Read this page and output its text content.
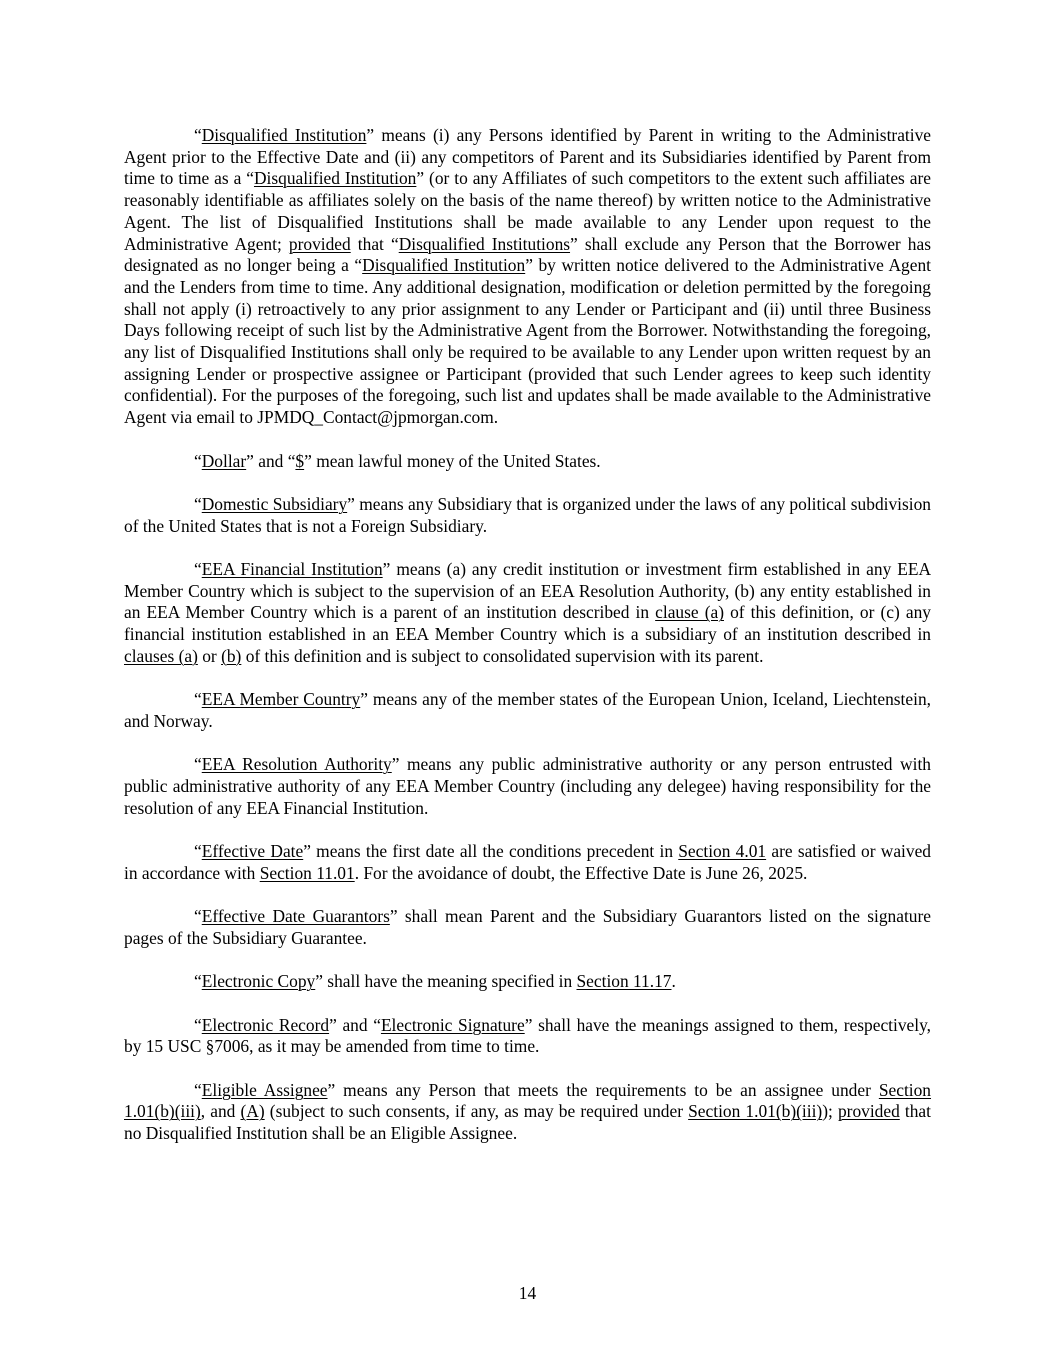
“Disqualified Institution” means (i) any Persons identified by Parent in writing to the Administrative Agent prior to the Effective Date and (ii) any competitors of Parent and its Subsidiaries identified by Parent from time to time as a “Disqualified Institution” (or to any Affiliates of such competitors to the extent such affiliates are reasonably identifiable as affiliates solely on the basis of the name thereof) by written notice to the Administrative Agent. The list of Disqualified Institutions shall be made available to any Lender upon request to the Administrative Agent; provided that “Disqualified Institutions” shall exclude any Person that the Borrower has designated as no longer being a “Disqualified Institution” by written notice delivered to the Administrative Agent and the Lenders from time to time. Any additional designation, modification or deletion permitted by the foregoing shall not apply (i) retroactively to any prior assignment to any Lender or Participant and (ii) until three Business Days following receipt of such list by the Administrative Agent from the Borrower. Notwithstanding the foregoing, any list of Disqualified Institutions shall only be required to be available to any Lender upon written request by an assigning Lender or prospective assignee or Participant (provided that such Lender agrees to keep such identity confidential). For the purposes of the foregoing, such list and updates shall be made available to the Administrative Agent via email to JPMDQ_Contact@jpmorgan.com.

“Dollar” and “$” mean lawful money of the United States.

“Domestic Subsidiary” means any Subsidiary that is organized under the laws of any political subdivision of the United States that is not a Foreign Subsidiary.

“EEA Financial Institution” means (a) any credit institution or investment firm established in any EEA Member Country which is subject to the supervision of an EEA Resolution Authority, (b) any entity established in an EEA Member Country which is a parent of an institution described in clause (a) of this definition, or (c) any financial institution established in an EEA Member Country which is a subsidiary of an institution described in clauses (a) or (b) of this definition and is subject to consolidated supervision with its parent.

“EEA Member Country” means any of the member states of the European Union, Iceland, Liechtenstein, and Norway.

“EEA Resolution Authority” means any public administrative authority or any person entrusted with public administrative authority of any EEA Member Country (including any delegee) having responsibility for the resolution of any EEA Financial Institution.

“Effective Date” means the first date all the conditions precedent in Section 4.01 are satisfied or waived in accordance with Section 11.01. For the avoidance of doubt, the Effective Date is June 26, 2025.

“Effective Date Guarantors” shall mean Parent and the Subsidiary Guarantors listed on the signature pages of the Subsidiary Guarantee.

“Electronic Copy” shall have the meaning specified in Section 11.17.

“Electronic Record” and “Electronic Signature” shall have the meanings assigned to them, respectively, by 15 USC §7006, as it may be amended from time to time.

“Eligible Assignee” means any Person that meets the requirements to be an assignee under Section 1.01(b)(iii), and (A) (subject to such consents, if any, as may be required under Section 1.01(b)(iii)); provided that no Disqualified Institution shall be an Eligible Assignee.

14
